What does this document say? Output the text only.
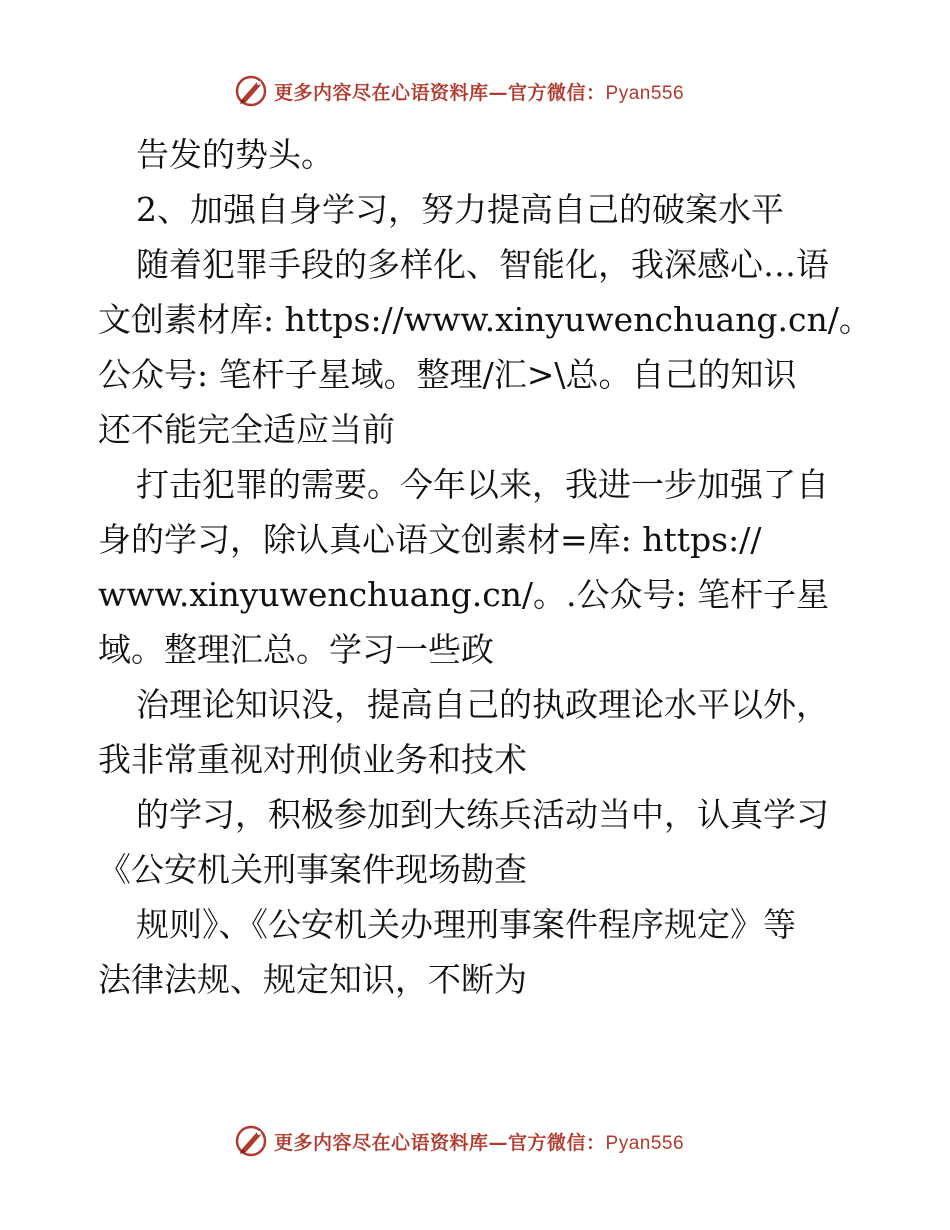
更多内容尽在心语资料库—官方微信：Pyan556
告发的势头。
2、加强自身学习，努力提高自己的破案水平
随着犯罪手段的多样化、智能化，我深感心…语
文创素材库: https://www.xinyuwenchuang.cn/。
公众号: 笔杆子星域。整理/汇>\总。自己的知识
还不能完全适应当前
打击犯罪的需要。今年以来，我进一步加强了自
身的学习，除认真心语文创素材=库: https://
www.xinyuwenchuang.cn/。.公众号: 笔杆子星
域。整理汇总。学习一些政
治理论知识没，提高自己的执政理论水平以外，
我非常重视对刑侦业务和技术
的学习，积极参加到大练兵活动当中，认真学习
《公安机关刑事案件现场勘查
规则》、《公安机关办理刑事案件程序规定》等
法律法规、规定知识，不断为
更多内容尽在心语资料库—官方微信：Pyan556
